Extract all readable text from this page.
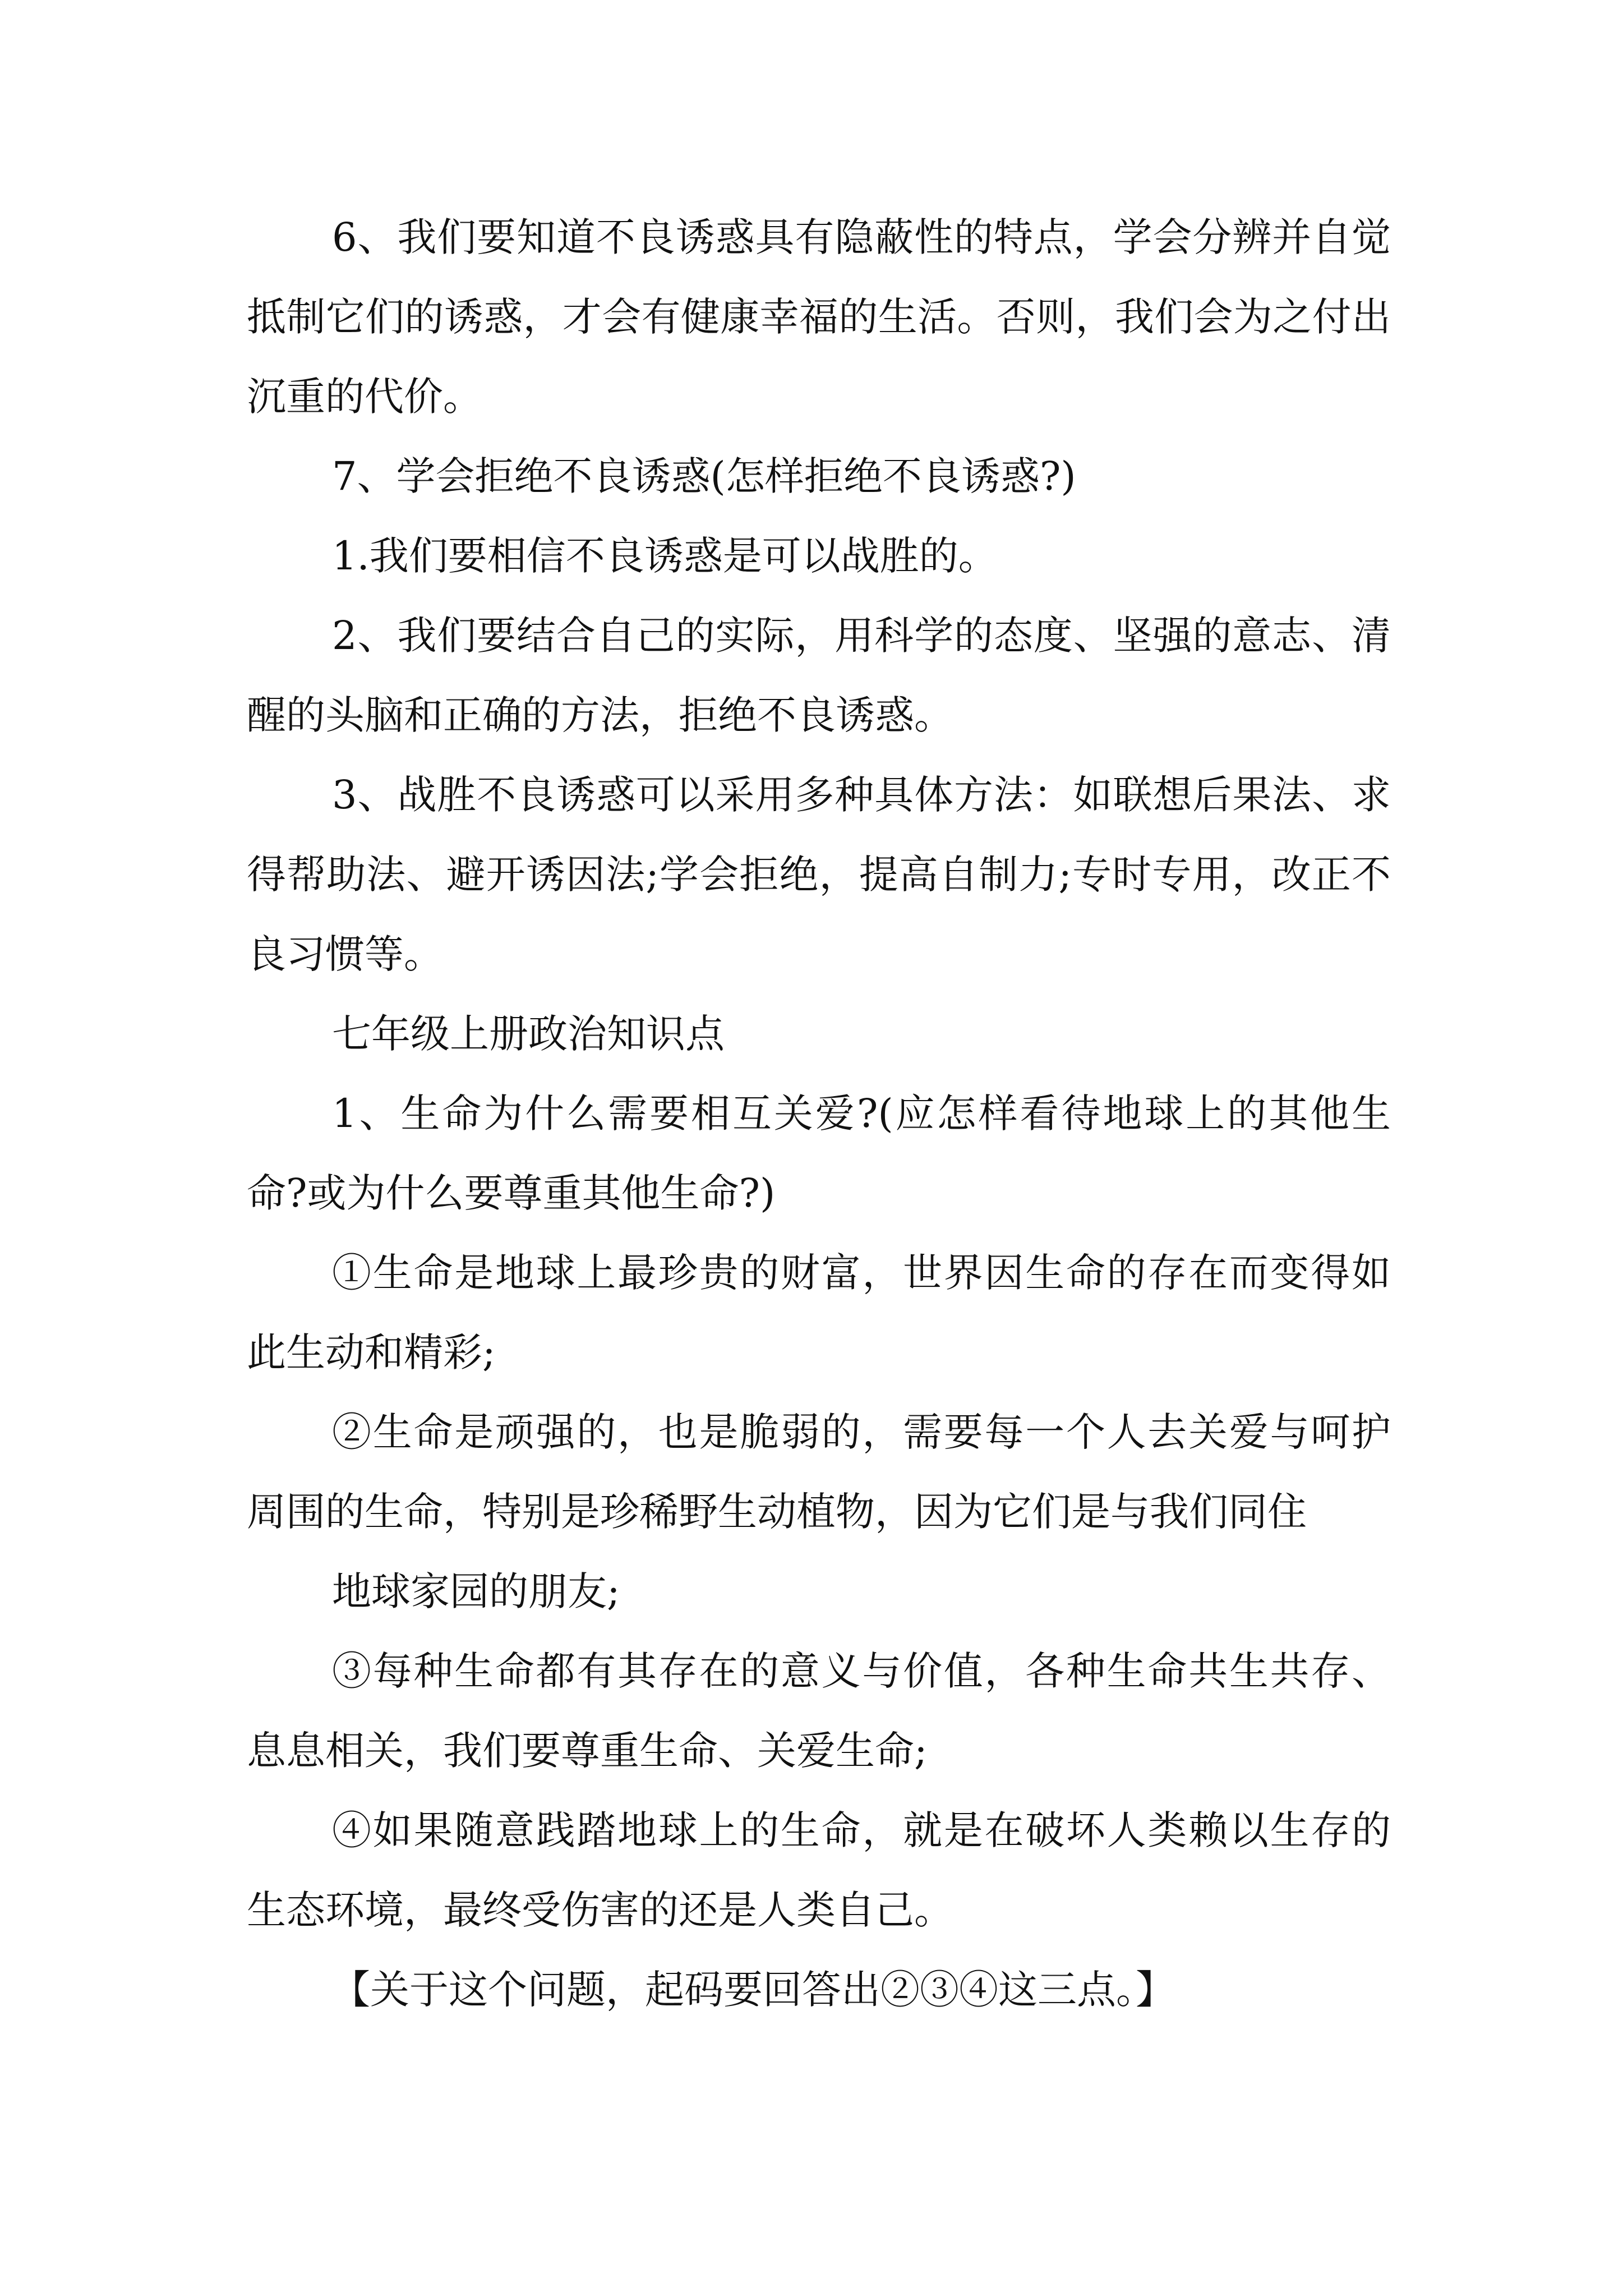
6、我们要知道不良诱惑具有隐蔽性的特点，学会分辨并自觉抵制它们的诱惑，才会有健康幸福的生活。否则，我们会为之付出沉重的代价。

7、学会拒绝不良诱惑(怎样拒绝不良诱惑?)

1.我们要相信不良诱惑是可以战胜的。

2、我们要结合自己的实际，用科学的态度、坚强的意志、清醒的头脑和正确的方法，拒绝不良诱惑。

3、战胜不良诱惑可以采用多种具体方法：如联想后果法、求得帮助法、避开诱因法;学会拒绝，提高自制力;专时专用，改正不良习惯等。

七年级上册政治知识点

1、生命为什么需要相互关爱?(应怎样看待地球上的其他生命?或为什么要尊重其他生命?)

①生命是地球上最珍贵的财富，世界因生命的存在而变得如此生动和精彩;

②生命是顽强的，也是脆弱的，需要每一个人去关爱与呵护周围的生命，特别是珍稀野生动植物，因为它们是与我们同住

地球家园的朋友;

③每种生命都有其存在的意义与价值，各种生命共生共存、息息相关，我们要尊重生命、关爱生命;

④如果随意践踏地球上的生命，就是在破坏人类赖以生存的生态环境，最终受伤害的还是人类自己。

【关于这个问题，起码要回答出②③④这三点。】
